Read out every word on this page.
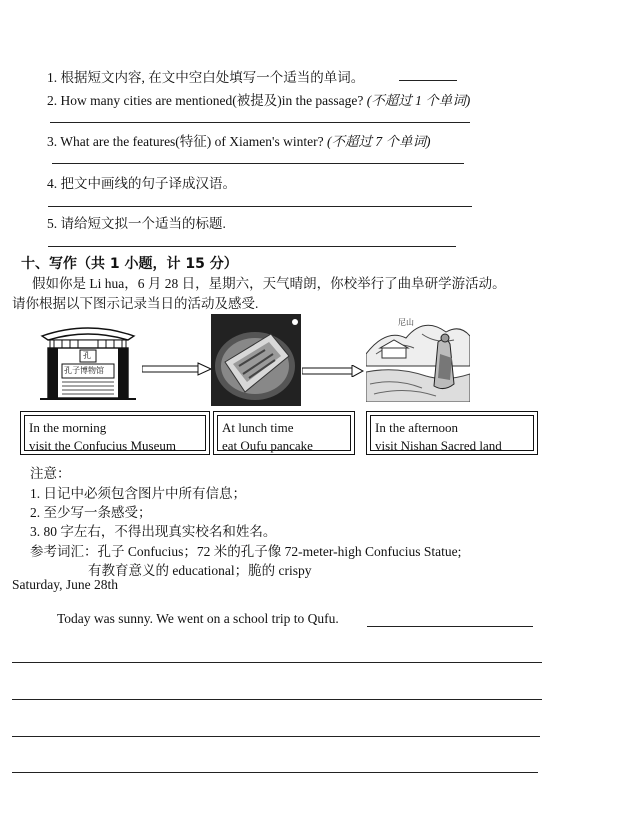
1. 根据短文内容, 在文中空白处填写一个适当的单词。
2. How many cities are mentioned(被提及)in the passage? (不超过 1 个单词)
3. What are the features(特征) of Xiamen's winter? (不超过 7 个单词)
4. 把文中画线的句子译成汉语。
5. 请给短文拟一个适当的标题.
十、写作（共 1 小题，计 15 分）
假如你是 Li hua，6 月 28 日，星期六，天气晴朗，你校举行了曲阜研学游活动。
请你根据以下图示记录当日的活动及感受.
孔
孔子博物馆
尼山
In the morning
visit the Confucius Museum
At lunch time
eat Oufu pancake
In the afternoon
visit Nishan Sacred land
注意：
1. 日记中必须包含图片中所有信息；
2. 至少写一条感受；
3. 80 字左右，不得出现真实校名和姓名。
参考词汇：孔子 Confucius；72 米的孔子像 72-meter-high Confucius Statue;
有教育意义的 educational；脆的 crispy
Saturday, June 28th
Today was sunny. We went on a school trip to Qufu.
